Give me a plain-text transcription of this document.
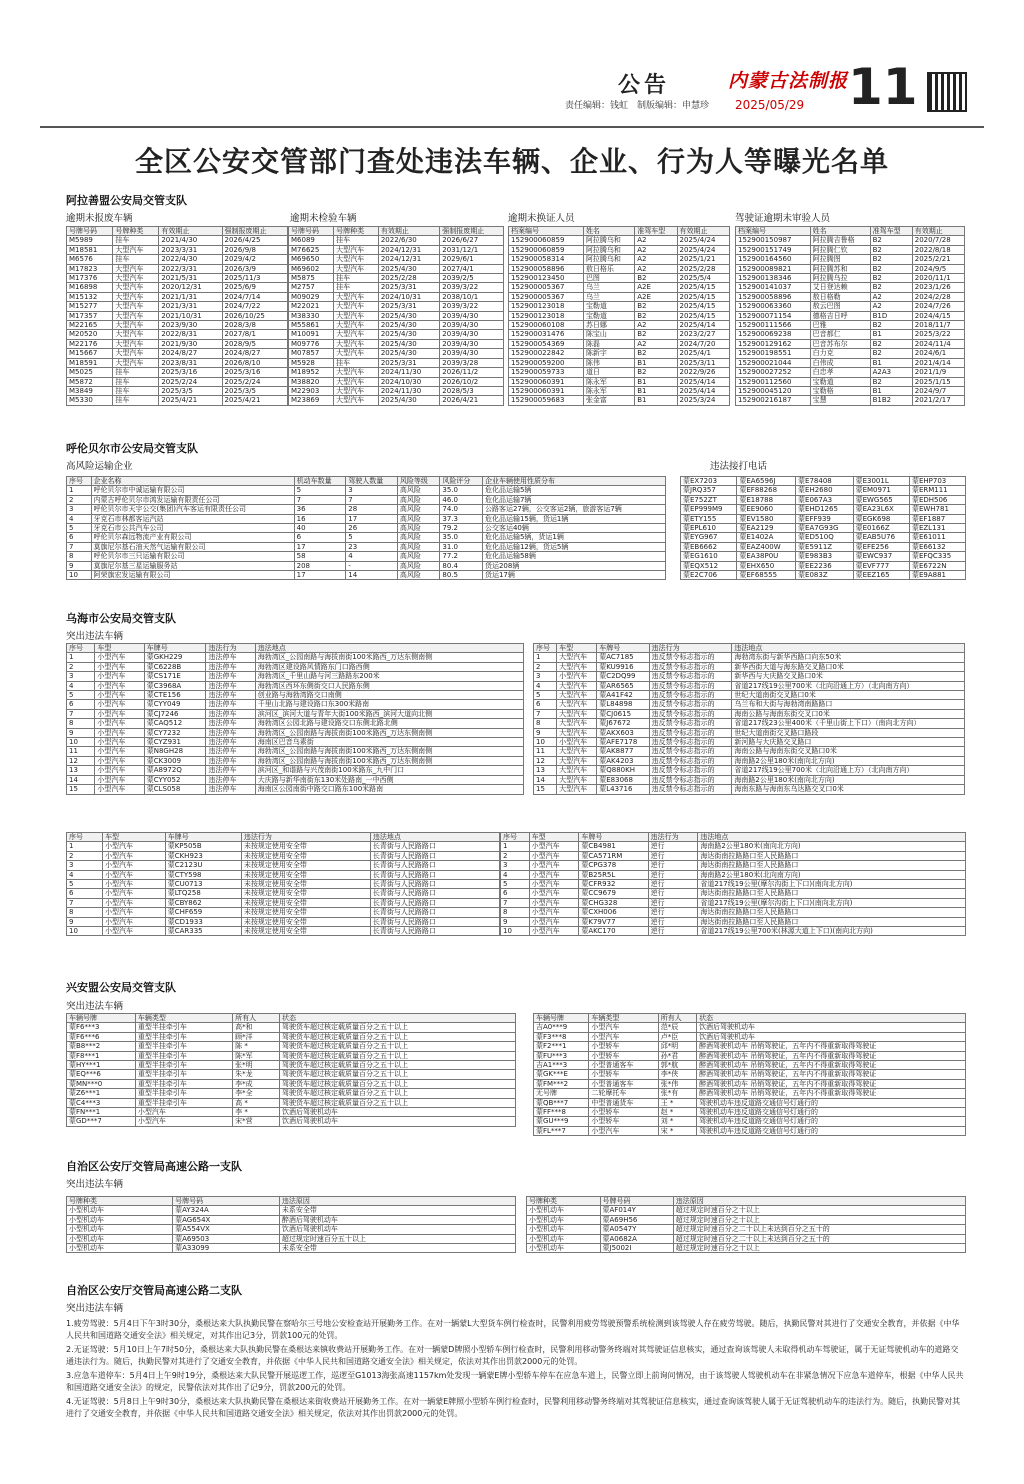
公告
责任编辑：钱虹　制版编辑：申慧珍 2025/05/29
内蒙古法制报 11
全区公安交管部门查处违法车辆、企业、行为人等曝光名单
阿拉善盟公安局交管支队
逾期未报废车辆	逾期未检验车辆	逾期未换证人员	驾驶证逾期未审验人员
号牌号码	号牌种类	有效期止	强制报废期止
M5989	挂车	2021/4/30	2026/4/25
M18581	大型汽车	2023/3/31	2026/9/8
M6576	挂车	2022/4/30	2029/4/2
M17823	大型汽车	2022/3/31	2026/3/9
M17376	大型汽车	2021/5/31	2025/11/3
M16898	大型汽车	2020/12/31	2025/6/9
M15132	大型汽车	2021/1/31	2024/7/14
M15277	大型汽车	2021/3/31	2024/7/22
M17357	大型汽车	2021/10/31	2026/10/25
M22165	大型汽车	2023/9/30	2028/3/8
M20520	大型汽车	2022/8/31	2027/8/1
M22176	大型汽车	2021/9/30	2028/9/5
M15667	大型汽车	2024/8/27	2024/8/27
M18591	大型汽车	2023/8/31	2026/8/10
M5025	挂车	2025/3/16	2025/3/16
M5872	挂车	2025/2/24	2025/2/24
M3849	挂车	2025/3/5	2025/3/5
M5330	挂车	2025/4/21	2025/4/21
号牌号码	号牌种类	有效期止	强制报废期止
M6089	挂车	2022/6/30	2026/6/27
M76625	大型汽车	2024/12/31	2031/12/1
M69650	大型汽车	2024/12/31	2029/6/1
M69602	大型汽车	2025/4/30	2027/4/1
M5875	挂车	2025/2/28	2039/2/5
M2757	挂车	2025/3/31	2039/3/22
M09029	大型汽车	2024/10/31	2038/10/1
M22021	大型汽车	2025/3/31	2039/3/22
M38330	大型汽车	2025/4/30	2039/4/30
M55861	大型汽车	2025/4/30	2039/4/30
M10091	大型汽车	2025/4/30	2039/4/30
M09776	大型汽车	2025/4/30	2039/4/30
M07857	大型汽车	2025/4/30	2039/4/30
M5928	挂车	2025/3/31	2039/3/28
M18952	大型汽车	2024/11/30	2026/11/2
M38820	大型汽车	2024/10/30	2026/10/2
M22903	大型汽车	2024/11/30	2028/5/3
M23869	大型汽车	2025/4/30	2026/4/21
档案编号	姓名	准驾车型	有效期止
152900060859	阿拉腾乌和	A2	2025/4/24
152900060859	阿拉腾乌和	A2	2025/4/24
152900058314	阿拉腾乌和	A2	2025/1/21
152900058896	敖日格乐	A2	2025/2/28
152900123450	巴图	B2	2025/5/4
152900005367	乌兰	A2E	2025/4/15
152900005367	乌兰	A2E	2025/4/15
152900123018	宝勒道	B2	2025/4/15
152900123018	宝勒道	B2	2025/4/15
152900060108	苏日娜	A2	2025/4/14
152900031476	陈宝山	B2	2023/2/27
152900054369	陈磊	A2	2024/7/20
152900022842	陈新宇	B2	2025/4/1
152900059200	陈伟	B1	2025/3/11
152900059733	道日	B2	2022/9/26
152900060391	陈永军	B1	2025/4/14
152900060391	陈永军	B1	2025/4/14
152900059683	张金富	B1	2025/3/24
档案编号	姓名	准驾车型	有效期止
152900150987	阿拉腾吉鲁格	B2	2020/7/28
152900151749	阿拉腾仁钦	B2	2022/8/18
152900164560	阿拉腾图	B2	2025/2/21
152900089821	阿拉腾苏和	B2	2024/9/5
152900138346	阿拉腾乌拉	B2	2020/11/1
152900141037	艾日登达赖	B2	2023/1/26
152900058896	敖日格勒	A2	2024/2/28
152900063360	敖云巴图	A2	2024/7/26
152900071154	德格吉日呼	B1D	2024/4/15
152900111566	巴雅	B2	2018/11/7
152900069238	巴音都仁	B1	2025/3/22
152900129162	巴音苏布尔	B2	2024/11/4
152900198551	白力克	B2	2024/6/1
152900021044	白伟成	B1	2021/4/14
152900027252	白忠孝	A2A3	2021/1/9
152900112560	宝勒道	B2	2025/1/15
152900045120	宝勒格	B1	2024/9/7
152900216187	宝慧	B1B2	2021/2/17
呼伦贝尔市公安局交管支队
高风险运输企业	违法接打电话
序号	企业名称	机动车数量	驾驶人数量	风险等级	风险评分	企业车辆使用性质分布
1	呼伦贝尔市中诚运输有限公司	5	3	高风险	35.0	危化品运输5辆
2	内蒙古呼伦贝尔市鸿发运输有限责任公司	7	7	高风险	46.0	危化品运输7辆
3	呼伦贝尔市天宇公交(集团)汽车客运有限责任公司	36	28	高风险	74.0	公路客运27辆，公交客运2辆，旅游客运7辆
4	牙克石市林都客运汽站	16	17	高风险	37.3	危化品运输15辆，货运1辆
5	牙克石市公共汽车公司	40	26	高风险	79.2	公交客运40辆
6	呼伦贝尔森远物流产业有限公司	6	5	高风险	35.0	危化品运输5辆，货运1辆
7	莫旗尼尔基石油天然气运输有限公司	17	23	高风险	31.0	危化品运输12辆，货运5辆
8	呼伦贝尔市三只运输有限公司	58	4	高风险	77.2	危化品运输58辆
9	莫旗尼尔基三星运输服务站	208	-	高风险	80.4	货运208辆
10	阿荣旗宏发运输有限公司	17	14	高风险	80.5	货运17辆
蒙EX7203	蒙EA6596J	蒙E78408	蒙E3001L	蒙EHP703
蒙JRQ357	蒙EF88268	蒙EH2680	蒙EM0971	蒙ERM111
蒙E752ZT	蒙E18788	蒙E067A3	蒙EWG565	蒙EDH506
蒙EP999M9	蒙EE9060	蒙EHD1265	蒙EA23L6X	蒙EWH781
蒙ETY155	蒙EV1580	蒙EFF939	蒙EGK698	蒙EF1887
蒙EPL610	蒙EA2129	蒙EA7G93G	蒙E0166Z	蒙EZL131
蒙EYG967	蒙E1402A	蒙ED510Q	蒙EAB5U76	蒙E61011
蒙EB6662	蒙EAZ400W	蒙E5911Z	蒙EFE256	蒙E66132
蒙EG1610	蒙EA38P0U	蒙E983B3	蒙EWC937	蒙EFQC335
蒙EQX512	蒙EHX650	蒙EE2236	蒙EVF777	蒙E6722N
蒙E2C706	蒙EF68555	蒙E083Z	蒙EEZ165	蒙E9A881
乌海市公安局交管支队
突出违法车辆
序号	车型	车牌号	违法行为	违法地点
1	小型汽车	蒙GKH229	违法停车	海勃湾区_公园南路与海拔南街100米路西_万达东侧南侧
2	小型汽车	蒙C6228B	违法停车	海勃湾区建设路风情路东门口路西侧
3	小型汽车	蒙CS171E	违法停车	海勃湾区_千里山路与河三路路东200米
4	小型汽车	蒙C3968A	违法停车	海勃湾区西环东侧街交口人民路东侧
5	小型汽车	蒙CTE156	违法停车	创业路与海勃湾路交口南侧
6	小型汽车	蒙CYY049	违法停车	千里山北路与建设路口东300米路南
7	小型汽车	蒙CJ7246	违法停车	滨河区_滨河大道与青年大街100米路西_滨河大道向北侧
8	小型汽车	蒙CAQ512	违法停车	海勃湾区公园北路与建设路交口东侧北路北侧
9	小型汽车	蒙CY7232	违法停车	海勃湾区_公园南路与海拔南街100米路西_万达东侧南侧
10	小型汽车	蒙CYZ931	违法停车	海南区巴音乌素街
11	小型汽车	蒙N8GH28	违法停车	海勃湾区_公园南路与海拔南街100米路西_万达东侧南侧
12	小型汽车	蒙CK3009	违法停车	海勃湾区_公园南路与海拔南街100米路西_万达东侧南侧
13	小型汽车	蒙A8972Q	违法停车	滨河区_和谐路与兴茂南街100米路东_九中门口
14	小型汽车	蒙CYY052	违法停车	大庆路与新华南街东130米处路南_一中西侧
15	小型汽车	蒙CLS058	违法停车	海南区公园南街中路交口路东100米路南
序号	车型	车牌号	违法行为	违法地点
1	大型汽车	蒙AC7185	违反禁令标志指示的	海勃湾东街与新华西路口向东50米
2	大型汽车	蒙KU9916	违反禁令标志指示的	新华西街大道与海东路交叉路口0米
3	小型汽车	蒙C2DQ99	违反禁令标志指示的	新华西与大庆路交叉路口0米
4	大型汽车	蒙AR6565	违反禁令标志指示的	省道217线19公里700米（北向沿通上方）（北向南方向）
5	大型汽车	蒙A41F42	违反禁令标志指示的	世纪大道南街交叉路口0米
6	大型汽车	蒙L84898	违反禁令标志指示的	乌兰布和大街与海勃湾南路路口
7	大型汽车	蒙CJ0615	违反禁令标志指示的	海南公路与海南东街交叉口0米
8	大型汽车	蒙J67672	违反禁令标志指示的	省道217线23公里400米（千里山街上下口）（南向北方向）
9	大型汽车	蒙AKX603	违反禁令标志指示的	世纪大道南街交叉路口路段
10	小型汽车	蒙AFE7178	违反禁令标志指示的	新河路与大庆路交叉路口
11	大型汽车	蒙AK8877	违反禁令标志指示的	海南公路与海南东街交叉路口0米
12	大型汽车	蒙AK4203	违反禁令标志指示的	海南路2公里180米(南向北方向)
13	大型汽车	蒙Q880KH	违反禁令标志指示的	省道217线19公里700米（北向沿通上方）（北向南方向）
14	大型汽车	蒙E83068	违反禁令标志指示的	海南路2公里180米(南向北方向)
15	大型汽车	蒙L43716	违反禁令标志指示的	海南东路与海南东乌达路交叉口0米
序号	车型	车牌号	违法行为	违法地点
1	小型汽车	蒙KP505B	未按规定使用安全带	长青街与人民路路口
2	小型汽车	蒙CKH923	未按规定使用安全带	长青街与人民路路口
3	小型汽车	蒙C2123U	未按规定使用安全带	长青街与人民路路口
4	小型汽车	蒙CTY598	未按规定使用安全带	长青街与人民路路口
5	小型汽车	蒙CU0713	未按规定使用安全带	长青街与人民路路口
6	小型汽车	蒙LTQ258	未按规定使用安全带	长青街与人民路路口
7	小型汽车	蒙CBY862	未按规定使用安全带	长青街与人民路路口
8	小型汽车	蒙CHF659	未按规定使用安全带	长青街与人民路路口
9	小型汽车	蒙CD1933	未按规定使用安全带	长青街与人民路路口
10	小型汽车	蒙CAR335	未按规定使用安全带	长青街与人民路路口
序号	车型	车牌号	违法行为	违法地点
1	小型汽车	蒙CB4981	逆行	海南路2公里180米(南向北方向)
2	小型汽车	蒙CA571RM	逆行	海达街南拉路路口至人民路路口
3	小型汽车	蒙CPG378	逆行	海达街南拉路路口至人民路路口
4	小型汽车	蒙B25R5L	逆行	海南路2公里180米(北向南方向)
5	小型汽车	蒙CFR932	逆行	省道217线19公里(摩尔沟街上下口)(南向北方向)
6	小型汽车	蒙CC9679	逆行	海达街南拉路路口至人民路路口
7	小型汽车	蒙CHG328	逆行	省道217线19公里(摩尔沟街上下口)(南向北方向)
8	小型汽车	蒙CXH006	逆行	海达街南拉路路口至人民路路口
9	小型汽车	蒙K79V77	逆行	海达街南拉路路口至人民路路口
10	小型汽车	蒙AKC170	逆行	省道217线19公里700米(林源大道上下口)(南向北方向)
兴安盟公安局交管支队
突出违法车辆
车辆号牌	车辆类型	所有人	状态
蒙F6***3	重型半挂牵引车	高*和	驾驶货车超过核定载质量百分之五十以上
蒙F6***6	重型半挂牵引车	顾*洋	驾驶货车超过核定载质量百分之五十以上
蒙B8***2	重型半挂牵引车	陈 *	驾驶货车超过核定载质量百分之五十以上
蒙F8***1	重型半挂牵引车	陈*军	驾驶货车超过核定载质量百分之五十以上
蒙HY***1	重型半挂牵引车	张*明	驾驶货车超过核定载质量百分之五十以上
蒙EQ***6	重型半挂牵引车	朱*龙	驾驶货车超过核定载质量百分之五十以上
蒙MN***0	重型半挂牵引车	李*成	驾驶货车超过核定载质量百分之五十以上
蒙Z6***1	重型半挂牵引车	李*全	驾驶货车超过核定载质量百分之五十以上
蒙C4***3	重型半挂牵引车	高 *	驾驶货车超过核定载质量百分之五十以上
蒙FN***1	小型汽车	李 *	饮酒后驾驶机动车
蒙GD***7	小型汽车	宋*营	饮酒后驾驶机动车
车辆号牌	车辆类型	所有人	状态
吉A0***9	小型汽车	范*辰	饮酒后驾驶机动车
蒙F3***8	小型汽车	卢*臣	饮酒后驾驶机动车
蒙F2***1	小型轿车	邱*明	醉酒驾驶机动车 吊销驾驶证，五年内不得重新取得驾驶证
蒙FU***3	小型轿车	孙*君	醉酒驾驶机动车 吊销驾驶证，五年内不得重新取得驾驶证
吉A1***3	小型普通客车	郭*航	醉酒驾驶机动车 吊销驾驶证，五年内不得重新取得驾驶证
蒙GK***E	小型轿车	李*侠	醉酒驾驶机动车 吊销驾驶证，五年内不得重新取得驾驶证
蒙FM***2	小型普通客车	张*伟	醉酒驾驶机动车 吊销驾驶证，五年内不得重新取得驾驶证
无号牌	二轮摩托车	张*有	醉酒驾驶机动车 吊销驾驶证，五年内不得重新取得驾驶证
蒙QB***7	中型普通货车	王 *	驾驶机动车违反道路交通信号灯通行的
蒙FF***8	小型轿车	赵 *	驾驶机动车违反道路交通信号灯通行的
蒙GU***9	小型轿车	刘 *	驾驶机动车违反道路交通信号灯通行的
蒙FL***7	小型汽车	宋 *	驾驶机动车违反道路交通信号灯通行的
自治区公安厅交管局高速公路一支队
突出违法车辆
号牌种类	号牌号码	违法原因
小型机动车	蒙AY324A	未系安全带
小型机动车	蒙AG654X	醉酒后驾驶机动车
小型机动车	蒙A554VX	饮酒后驾驶机动车
小型机动车	蒙A69503	超过规定时速百分五十以上
小型机动车	蒙A33099	未系安全带
号牌种类	号牌号码	违法原因
小型机动车	蒙AF014Y	超过规定时速百分之十以上
小型机动车	蒙A69H56	超过规定时速百分之十以上
小型机动车	蒙A0547Y	超过规定时速百分之二十以上未达到百分之五十的
小型机动车	蒙A0682A	超过规定时速百分之二十以上未达到百分之五十的
小型机动车	蒙J5002I	超过规定时速百分之十以上
自治区公安厅交管局高速公路二支队
突出违法车辆

1.疲劳驾驶：5月4日下午3时30分，桑根达来大队执勤民警在察哈尔三号地公安检查站开展勤务工作。在对一辆蒙L大型货车例行检查时，民警利用疲劳驾驶预警系统检测到该驾驶人存在疲劳驾驶。随后，执勤民警对其进行了交通安全教育，并依据《中华人民共和国道路交通安全法》相关规定，对其作出记3分，罚款100元的处罚。

2.无证驾驶：5月10日上午7时50分，桑根达来大队执勤民警在桑根达来镇收费站开展勤务工作。在对一辆蒙D牌照小型轿车例行检查时，民警利用移动警务终端对其驾驶证信息核实，通过查询该驾驶人未取得机动车驾驶证，属于无证驾驶机动车的道路交通违法行为。随后，执勤民警对其进行了交通安全教育，并依据《中华人民共和国道路交通安全法》相关规定，依法对其作出罚款2000元的处罚。

3.应急车道停车：5月4日上午9时19分，桑根达来大队民警开展巡逻工作，巡逻至G1013海张高速1157km处发现一辆蒙E牌小型轿车停车在应急车道上，民警立即上前询问情况，由于该驾驶人驾驶机动车在非紧急情况下应急车道停车，根据《中华人民共和国道路交通安全法》的规定，民警依法对其作出了记9分，罚款200元的处罚。

4.无证驾驶：5月8日上午9时30分，桑根达来大队执勤民警在桑根达来街收费站开展勤务工作。在对一辆蒙E牌照小型轿车例行检查时，民警利用移动警务终端对其驾驶证信息核实，通过查询该驾驶人属于无证驾驶机动车的违法行为。随后，执勤民警对其进行了交通安全教育，并依据《中华人民共和国道路交通安全法》相关规定，依法对其作出罚款2000元的处罚。
